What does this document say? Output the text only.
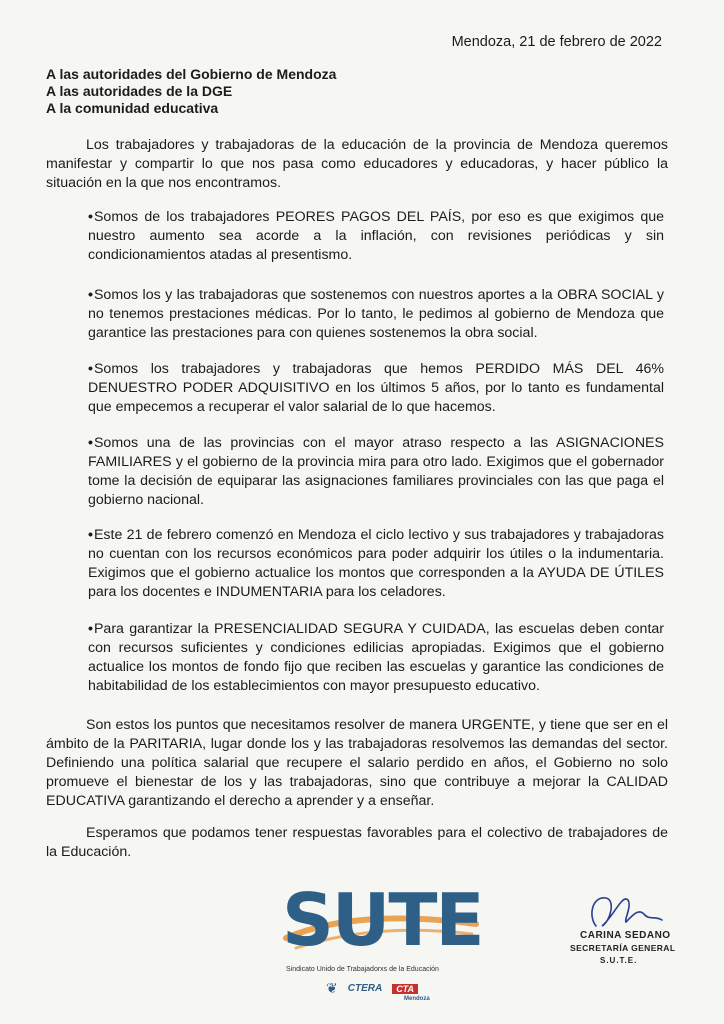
Mendoza, 21 de febrero de 2022
A las autoridades del Gobierno de Mendoza
A las autoridades de la DGE
A la comunidad educativa
Los trabajadores y trabajadoras de la educación de la provincia de Mendoza queremos manifestar y compartir lo que nos pasa como educadores y educadoras, y hacer público la situación en la que nos encontramos.
•Somos de los trabajadores PEORES PAGOS DEL PAÍS, por eso es que exigimos que nuestro aumento sea acorde a la inflación, con revisiones periódicas y sin condicionamientos atadas al presentismo.
•Somos los y las trabajadoras que sostenemos con nuestros aportes a la OBRA SOCIAL y no tenemos prestaciones médicas. Por lo tanto, le pedimos al gobierno de Mendoza que garantice las prestaciones para con quienes sostenemos la obra social.
•Somos los trabajadores y trabajadoras que hemos PERDIDO MÁS DEL 46% DENUESTRO PODER ADQUISITIVO en los últimos 5 años, por lo tanto es fundamental que empecemos a recuperar el valor salarial de lo que hacemos.
•Somos una de las provincias con el mayor atraso respecto a las ASIGNACIONES FAMILIARES y el gobierno de la provincia mira para otro lado. Exigimos que el gobernador tome la decisión de equiparar las asignaciones familiares provinciales con las que paga el gobierno nacional.
•Este 21 de febrero comenzó en Mendoza el ciclo lectivo y sus trabajadores y trabajadoras no cuentan con los recursos económicos para poder adquirir los útiles o la indumentaria. Exigimos que el gobierno actualice los montos que corresponden a la AYUDA DE ÚTILES para los docentes e INDUMENTARIA para los celadores.
•Para garantizar la PRESENCIALIDAD SEGURA Y CUIDADA, las escuelas deben contar con recursos suficientes y condiciones edilicias apropiadas. Exigimos que el gobierno actualice los montos de fondo fijo que reciben las escuelas y garantice las condiciones de habitabilidad de los establecimientos con mayor presupuesto educativo.
Son estos los puntos que necesitamos resolver de manera URGENTE, y tiene que ser en el ámbito de la PARITARIA, lugar donde los y las trabajadoras resolvemos las demandas del sector. Definiendo una política salarial que recupere el salario perdido en años, el Gobierno no solo promueve el bienestar de los y las trabajadoras, sino que contribuye a mejorar la CALIDAD EDUCATIVA garantizando el derecho a aprender y a enseñar.
Esperamos que podamos tener respuestas favorables para el colectivo de trabajadores de la Educación.
SUTE
Sindicato Unido de Trabajadorxs de la Educación
❦ CTERA	CTA
Mendoza
CARINA SEDANO
SECRETARÍA GENERAL
S.U.T.E.
